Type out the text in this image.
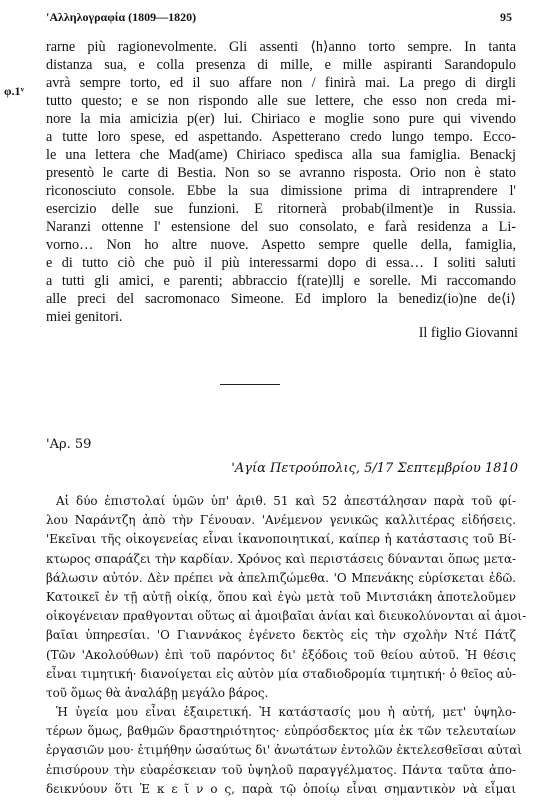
'Αλληλογραφία (1809—1820)	95
φ.1ᵛ
rarne più ragionevolmente. Gli assenti ⟨h⟩anno torto sempre. In tanta
distanza sua, e colla presenza di mille, e mille aspiranti Sarandopulo
avrà sempre torto, ed il suo affare non / finirà mai. La prego di dirgli
tutto questo; e se non rispondo alle sue lettere, che esso non creda mi-
nore la mia amicizia p(er) lui. Chiriaco e moglie sono pure qui vivendo
a tutte loro spese, ed aspettando. Aspetterano credo lungo tempo. Ecco-
le una lettera che Mad(ame) Chiriaco spedisca alla sua famiglia. Benackj
presentò le carte di Bestia. Non so se avranno risposta. Orio non è stato
riconosciuto console. Ebbe la sua dimissione prima di intraprendere l'
esercizio delle sue funzioni. E ritornerà probab(ilment)e in Russia.
Naranzi ottenne l' estensione del suo consolato, e farà residenza a Li-
vorno… Non ho altre nuove. Aspetto sempre quelle della, famiglia,
e di tutto ciò che può il più interessarmi dopo di essa… I soliti saluti
a tutti gli amici, e parenti; abbraccio f(rate)llj e sorelle. Mi raccomando
alle preci del sacromonaco Simeone. Ed imploro la benediz(io)ne de⟨i⟩
miei genitori.
Il figlio Giovanni
'Αρ. 59
'Αγία Πετρούπολις, 5/17 Σεπτεμβρίου 1810
Αἱ δύο ἐπιστολαί ὑμῶν ὑπ' ἀριθ. 51 καὶ 52 ἀπεστάλησαν παρὰ τοῦ φί-
λου Ναράντζη ἀπὸ τὴν Γένουαν. 'Ανέμενον γενικῶς καλλιτέρας εἰδήσεις.
'Εκεῖναι τῆς οἰκογενείας εἶναι ἱκανοποιητικαί, καίπερ ἡ κατάστασις τοῦ Βί-
κτωρος σπαράζει τὴν καρδίαν. Χρόνος καὶ περιστάσεις δύνανται ὅπως μετα-
βάλωσιν αὐτόν. Δὲν πρέπει νὰ ἀπελπιζώμεθα. 'Ο Μπενάκης εὑρίσκεται ἐδῶ.
Κατοικεῖ ἐν τῇ αὐτῇ οἰκίᾳ, ὅπου καὶ ἐγὼ μετὰ τοῦ Μιντσιάκη ἀποτελοῦμεν
οἰκογένειαν πραθγονται οὕτως αἱ ἀμοιβαῖαι ἀνίαι καὶ διευκολύνονται αἱ ἀμοι-
βαῖαι ὑπηρεσίαι. 'Ο Γιαννάκος ἐγένετο δεκτὸς εἰς τὴν σχολὴν Ντέ Πάτζ
(Τῶν 'Ακολούθων) ἐπὶ τοῦ παρόντος δι' ἐξόδοις τοῦ θείου αὐτοῦ. Ἡ θέσις
εἶναι τιμητική· διανοίγεται εἰς αὐτὸν μία σταδιοδρομία τιμητική· ὁ θεῖος αὐ-
τοῦ ὅμως θὰ ἀναλάβῃ μεγάλο βάρος.
Ἡ ὑγεία μου εἶναι ἐξαιρετική. Ἡ κατάστασίς μου ἡ αὐτή, μετ' ὑψηλο-
τέρων ὅμως, βαθμῶν δραστηριότητος· εὐπρόσδεκτος μία ἐκ τῶν τελευταίων
ἐργασιῶν μου· ἐτιμήθην ὡσαύτως δι' ἀνωτάτων ἐντολῶν ἐκτελεσθεῖσαι αὐταὶ
ἐπισύρουν τὴν εὐαρέσκειαν τοῦ ὑψηλοῦ παραγγέλματος. Πάντα ταῦτα ἀπο-
δεικνύουν ὅτι Ἐ κ ε ῖ ν ο ς, παρὰ τῷ ὁποίῳ εἶναι σημαντικὸν νὰ εἶμαι
